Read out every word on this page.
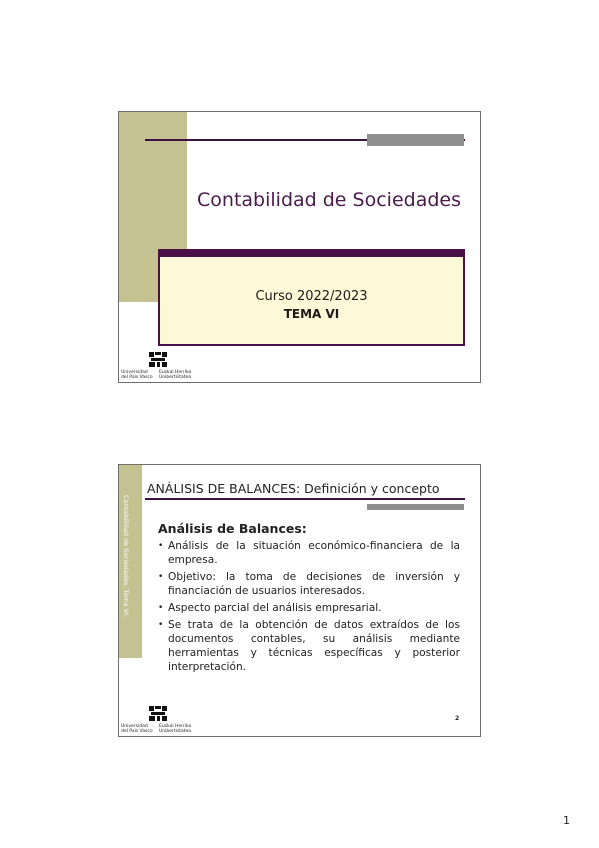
Contabilidad de Sociedades
Curso 2022/2023
TEMA VI
Universidad
del País Vasco
Euskal Herriko
Unibertsitatea
Contabilidad de Sociedades. Tema VI.
ANÁLISIS DE BALANCES: Definición y concepto
Análisis de Balances:
• Análisis de la situación económico-financiera de la empresa.
• Objetivo: la toma de decisiones de inversión y financiación de usuarios interesados.
• Aspecto parcial del análisis empresarial.
• Se trata de la obtención de datos extraídos de los documentos contables, su análisis mediante herramientas y técnicas específicas y posterior interpretación.
2
Universidad
del País Vasco
Euskal Herriko
Unibertsitatea
1
